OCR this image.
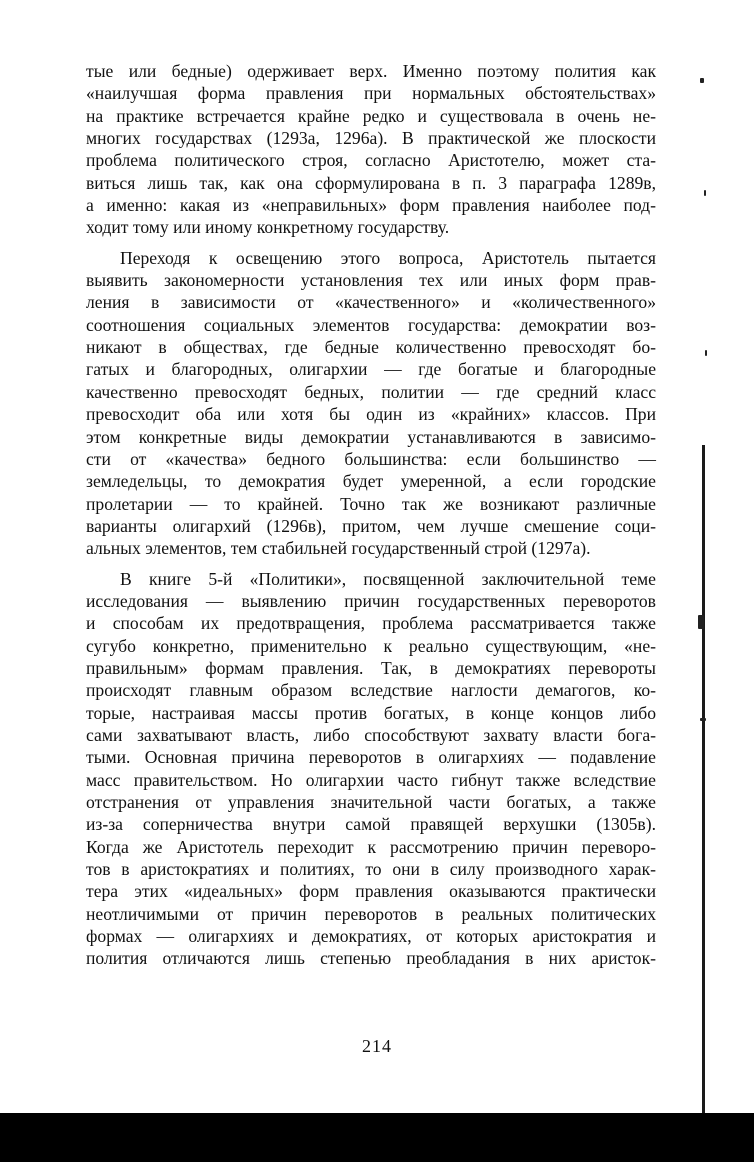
тые или бедные) одерживает верх. Именно поэтому полития как
«наилучшая форма правления при нормальных обстоятельствах»
на практике встречается крайне редко и существовала в очень не-
многих государствах (1293а, 1296а). В практической же плоскости
проблема политического строя, согласно Аристотелю, может ста-
виться лишь так, как она сформулирована в п. 3 параграфа 1289в,
а именно: какая из «неправильных» форм правления наиболее под-
ходит тому или иному конкретному государству.
Переходя к освещению этого вопроса, Аристотель пытается
выявить закономерности установления тех или иных форм прав-
ления в зависимости от «качественного» и «количественного»
соотношения социальных элементов государства: демократии воз-
никают в обществах, где бедные количественно превосходят бо-
гатых и благородных, олигархии — где богатые и благородные
качественно превосходят бедных, политии — где средний класс
превосходит оба или хотя бы один из «крайних» классов. При
этом конкретные виды демократии устанавливаются в зависимо-
сти от «качества» бедного большинства: если большинство —
земледельцы, то демократия будет умеренной, а если городские
пролетарии — то крайней. Точно так же возникают различные
варианты олигархий (1296в), притом, чем лучше смешение соци-
альных элементов, тем стабильней государственный строй (1297а).
В книге 5-й «Политики», посвященной заключительной теме
исследования — выявлению причин государственных переворотов
и способам их предотвращения, проблема рассматривается также
сугубо конкретно, применительно к реально существующим, «не-
правильным» формам правления. Так, в демократиях перевороты
происходят главным образом вследствие наглости демагогов, ко-
торые, настраивая массы против богатых, в конце концов либо
сами захватывают власть, либо способствуют захвату власти бога-
тыми. Основная причина переворотов в олигархиях — подавление
масс правительством. Но олигархии часто гибнут также вследствие
отстранения от управления значительной части богатых, а также
из-за соперничества внутри самой правящей верхушки (1305в).
Когда же Аристотель переходит к рассмотрению причин переворо-
тов в аристократиях и политиях, то они в силу производного харак-
тера этих «идеальных» форм правления оказываются практически
неотличимыми от причин переворотов в реальных политических
формах — олигархиях и демократиях, от которых аристократия и
полития отличаются лишь степенью преобладания в них аристок-
214
